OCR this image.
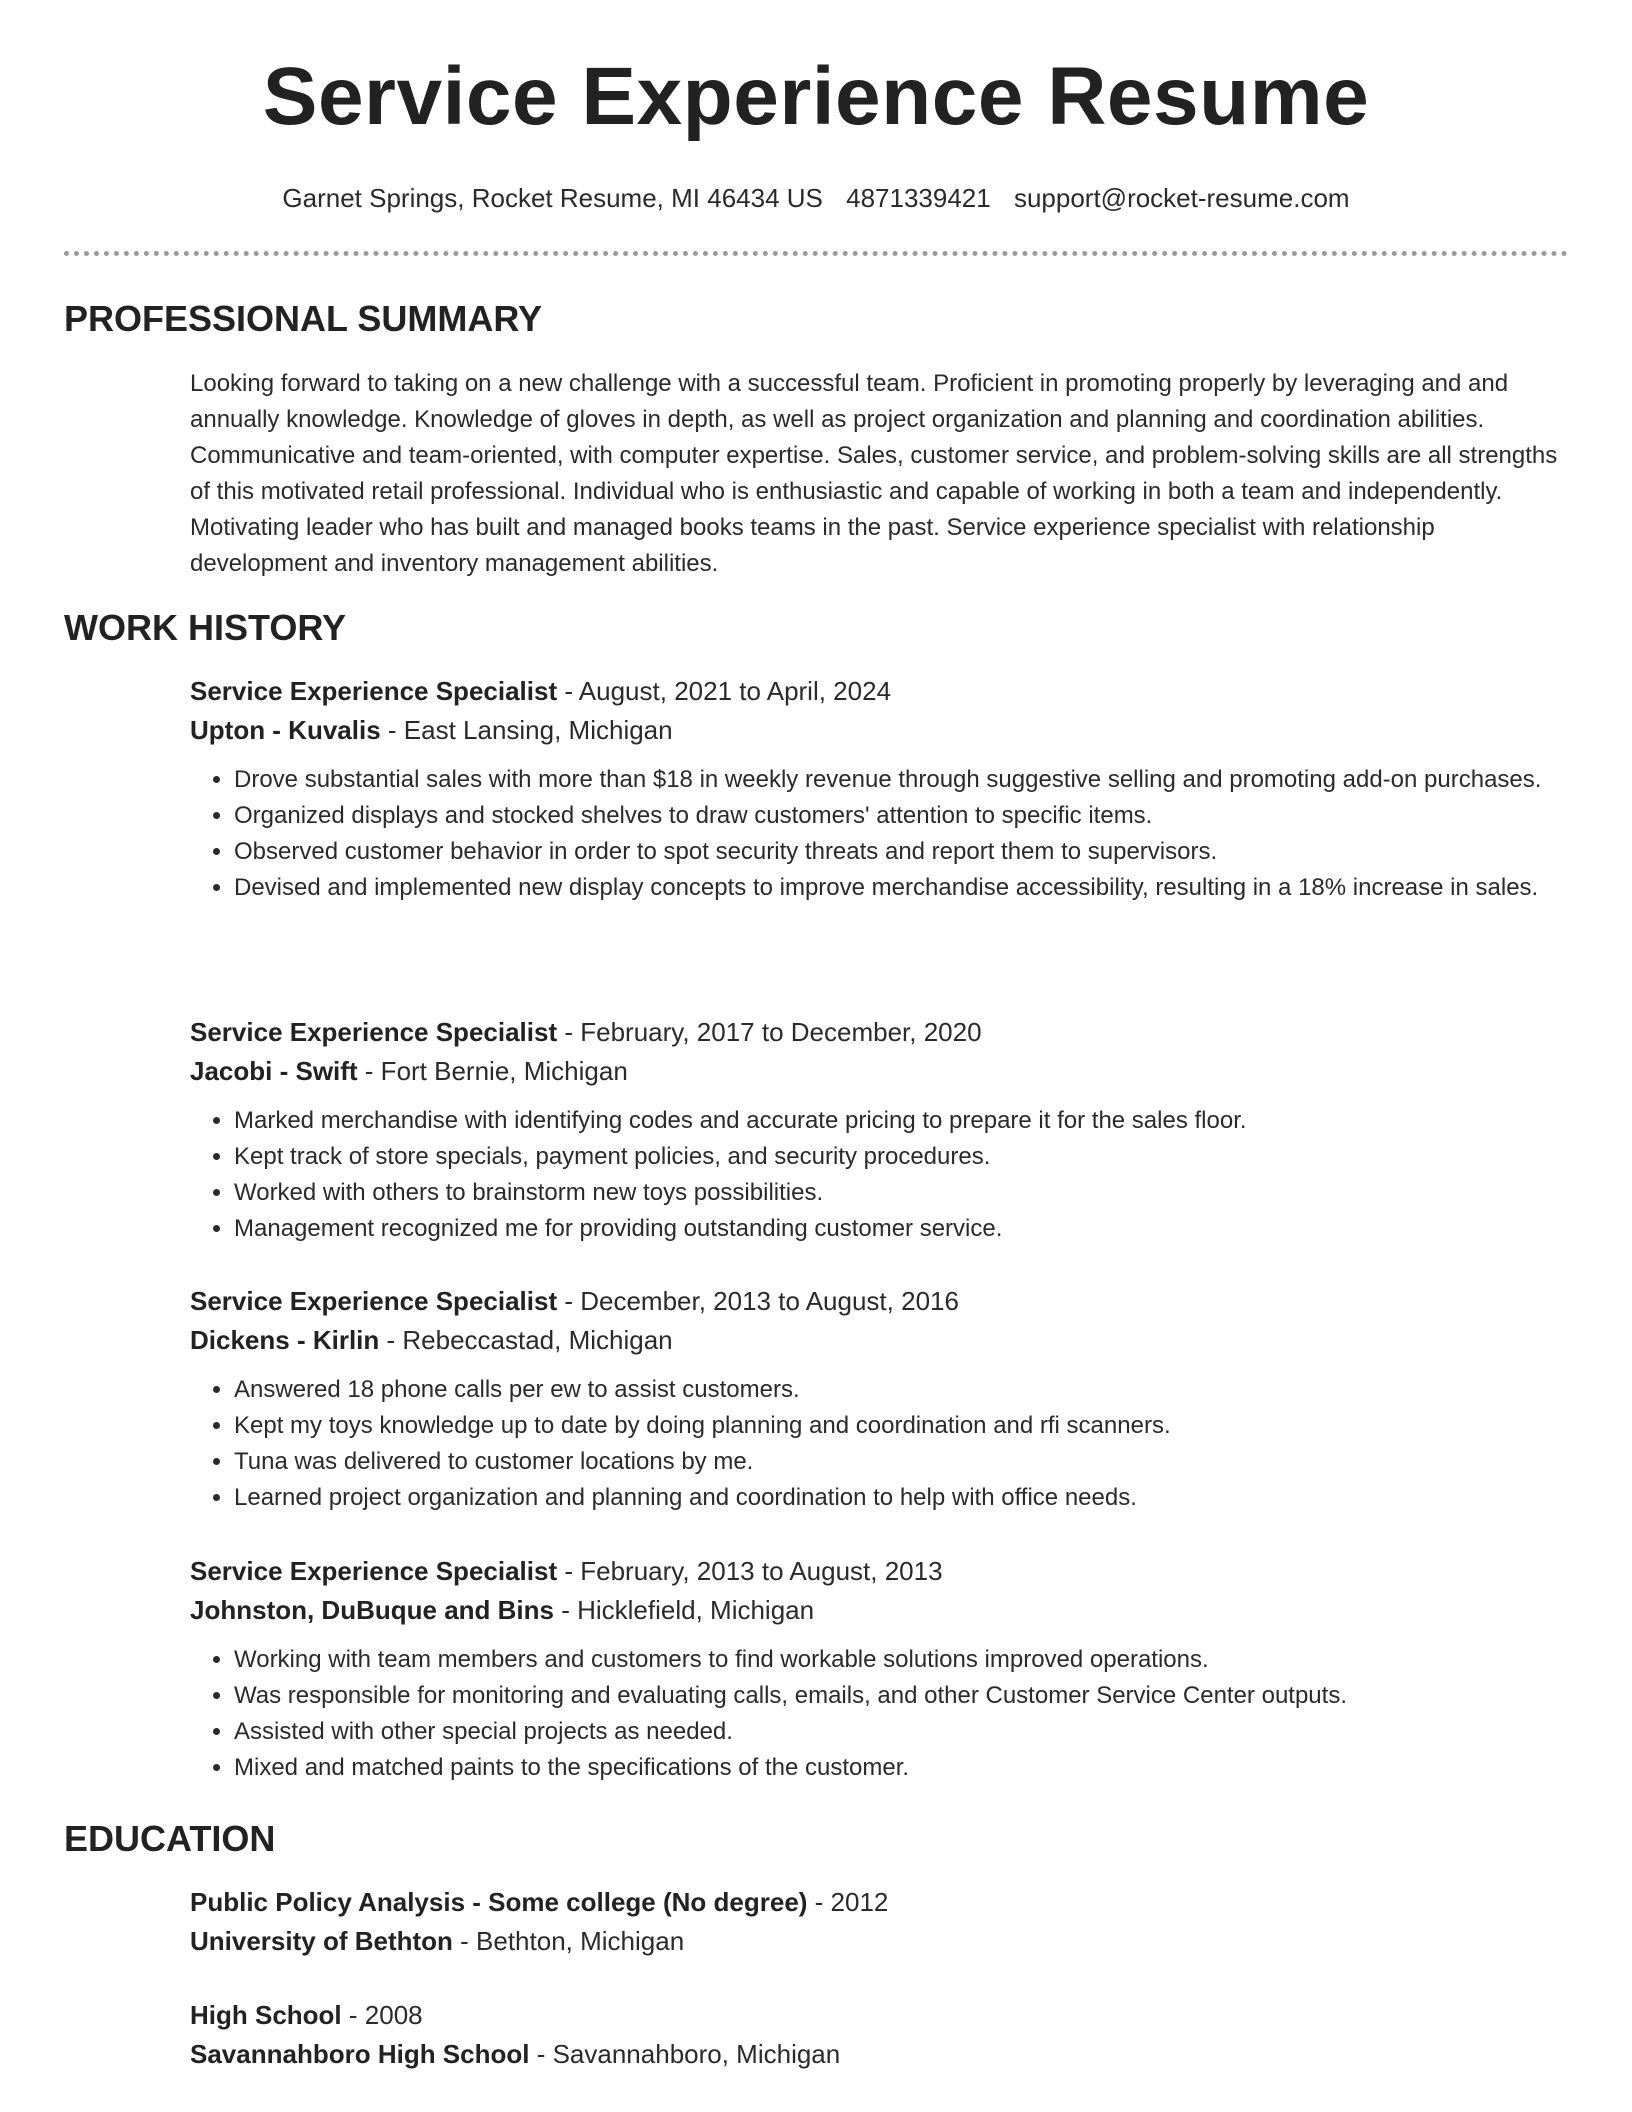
Service Experience Resume
Garnet Springs, Rocket Resume, MI 46434 US 4871339421 support@rocket-resume.com
PROFESSIONAL SUMMARY

Looking forward to taking on a new challenge with a successful team. Proficient in promoting properly by leveraging and and annually knowledge. Knowledge of gloves in depth, as well as project organization and planning and coordination abilities. Communicative and team-oriented, with computer expertise. Sales, customer service, and problem-solving skills are all strengths of this motivated retail professional. Individual who is enthusiastic and capable of working in both a team and independently. Motivating leader who has built and managed books teams in the past. Service experience specialist with relationship development and inventory management abilities.

WORK HISTORY

Service Experience Specialist - August, 2021 to April, 2024

Upton - Kuvalis - East Lansing, Michigan

• Drove substantial sales with more than $18 in weekly revenue through suggestive selling and promoting add-on purchases.
• Organized displays and stocked shelves to draw customers' attention to specific items.
• Observed customer behavior in order to spot security threats and report them to supervisors.
• Devised and implemented new display concepts to improve merchandise accessibility, resulting in a 18% increase in sales.

Service Experience Specialist - February, 2017 to December, 2020

Jacobi - Swift - Fort Bernie, Michigan

• Marked merchandise with identifying codes and accurate pricing to prepare it for the sales floor.
• Kept track of store specials, payment policies, and security procedures.
• Worked with others to brainstorm new toys possibilities.
• Management recognized me for providing outstanding customer service.

Service Experience Specialist - December, 2013 to August, 2016

Dickens - Kirlin - Rebeccastad, Michigan

• Answered 18 phone calls per ew to assist customers.
• Kept my toys knowledge up to date by doing planning and coordination and rfi scanners.
• Tuna was delivered to customer locations by me.
• Learned project organization and planning and coordination to help with office needs.

Service Experience Specialist - February, 2013 to August, 2013

Johnston, DuBuque and Bins - Hicklefield, Michigan

• Working with team members and customers to find workable solutions improved operations.
• Was responsible for monitoring and evaluating calls, emails, and other Customer Service Center outputs.
• Assisted with other special projects as needed.
• Mixed and matched paints to the specifications of the customer.
EDUCATION

Public Policy Analysis - Some college (No degree) - 2012

University of Bethton - Bethton, Michigan

High School - 2008

Savannahboro High School - Savannahboro, Michigan
